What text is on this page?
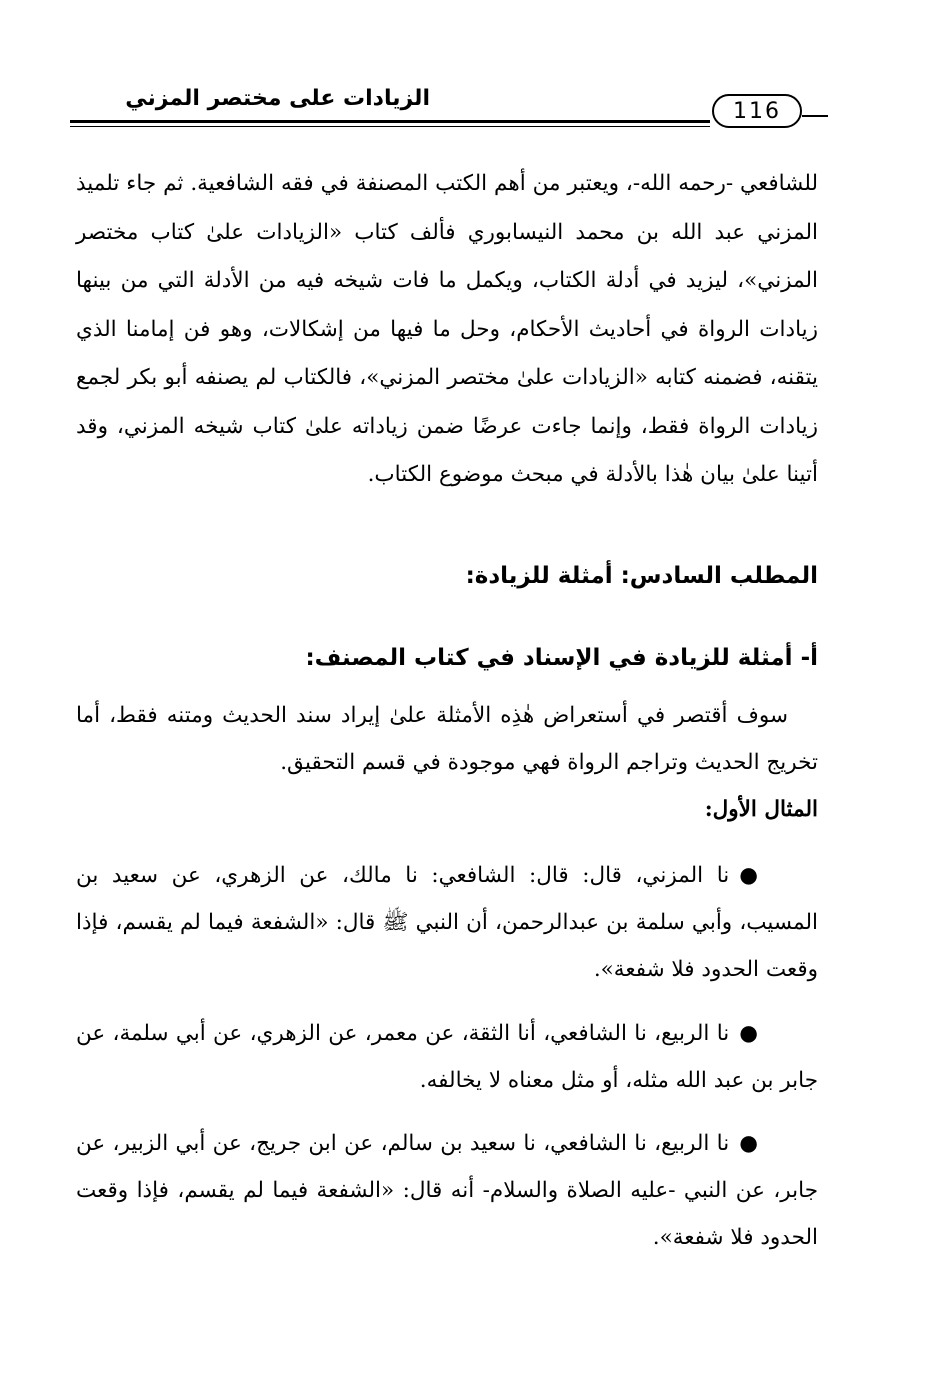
الزيادات على مختصر المزني	116

للشافعي -رحمه الله-، ويعتبر من أهم الكتب المصنفة في فقه الشافعية. ثم جاء تلميذ المزني عبد الله بن محمد النيسابوري فألف كتاب «الزيادات علىٰ كتاب مختصر المزني»، ليزيد في أدلة الكتاب، ويكمل ما فات شيخه فيه من الأدلة التي من بينها زيادات الرواة في أحاديث الأحكام، وحل ما فيها من إشكالات، وهو فن إمامنا الذي يتقنه، فضمنه كتابه «الزيادات علىٰ مختصر المزني»، فالكتاب لم يصنفه أبو بكر لجمع زيادات الرواة فقط، وإنما جاءت عرضًا ضمن زياداته علىٰ كتاب شيخه المزني، وقد أتينا علىٰ بيان هٰذا بالأدلة في مبحث موضوع الكتاب.

المطلب السادس: أمثلة للزيادة:
أ- أمثلة للزيادة في الإسناد في كتاب المصنف:
سوف أقتصر في أستعراض هٰذِه الأمثلة علىٰ إيراد سند الحديث ومتنه فقط، أما تخريج الحديث وتراجم الرواة فهي موجودة في قسم التحقيق.
المثال الأول:
●نا المزني، قال: قال: الشافعي: نا مالك، عن الزهري، عن سعيد بن المسيب، وأبي سلمة بن عبدالرحمن، أن النبي ﷺ قال: «الشفعة فيما لم يقسم، فإذا وقعت الحدود فلا شفعة».
●نا الربيع، نا الشافعي، أنا الثقة، عن معمر، عن الزهري، عن أبي سلمة، عن جابر بن عبد الله مثله، أو مثل معناه لا يخالفه.
●نا الربيع، نا الشافعي، نا سعيد بن سالم، عن ابن جريج، عن أبي الزبير، عن جابر، عن النبي -عليه الصلاة والسلام- أنه قال: «الشفعة فيما لم يقسم، فإذا وقعت الحدود فلا شفعة».
